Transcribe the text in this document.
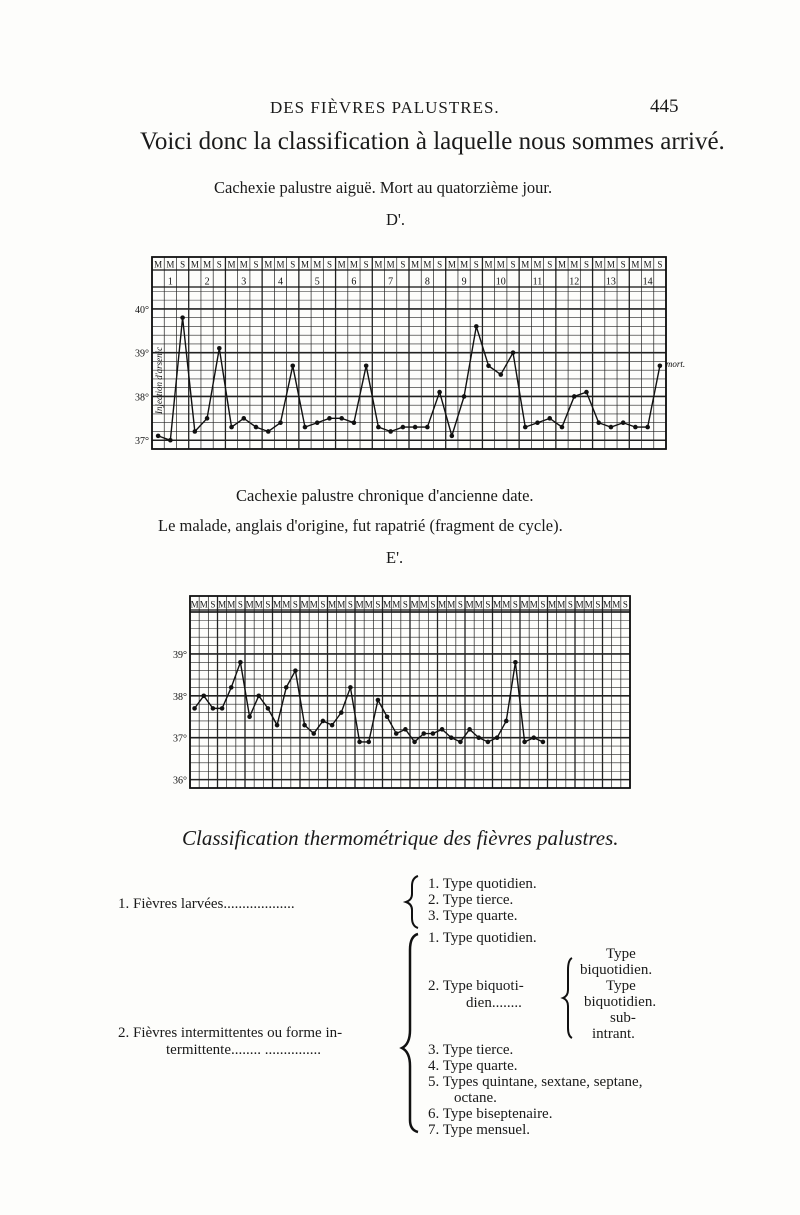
DES FIÈVRES PALUSTRES.	445
Voici donc la classification à laquelle nous sommes arrivé.
Cachexie palustre aiguë. Mort au quatorzième jour.
D'.
M M S M M S M M S M M S M M S M M S M M S M M S M M S M M S M M S M M S M M S M M S
1	2	3	4	5	6	7	8	9	10	11	12	13	14
40°
39°
38°
37°
Injection d'arsenic	mort.
Cachexie palustre chronique d'ancienne date.
Le malade, anglais d'origine, fut rapatrié (fragment de cycle).
E'.
M M S M M S M M S M M S M M S M M S M M S M M S M M S M M S M M S M M S M M S M M S M M S M M S
39°
38°
37°
36°
Classification thermométrique des fièvres palustres.
1. Fièvres larvées...................
1. Type quotidien.
2. Type tierce.
3. Type quarte.
2. Fièvres intermittentes ou forme in-
termittente........ ...............
1. Type quotidien.
2. Type biquoti-
dien........
Type
biquotidien.
Type
biquotidien.
sub-
intrant.
3. Type tierce.
4. Type quarte.
5. Types quintane, sextane, septane,
octane.
6. Type biseptenaire.
7. Type mensuel.
